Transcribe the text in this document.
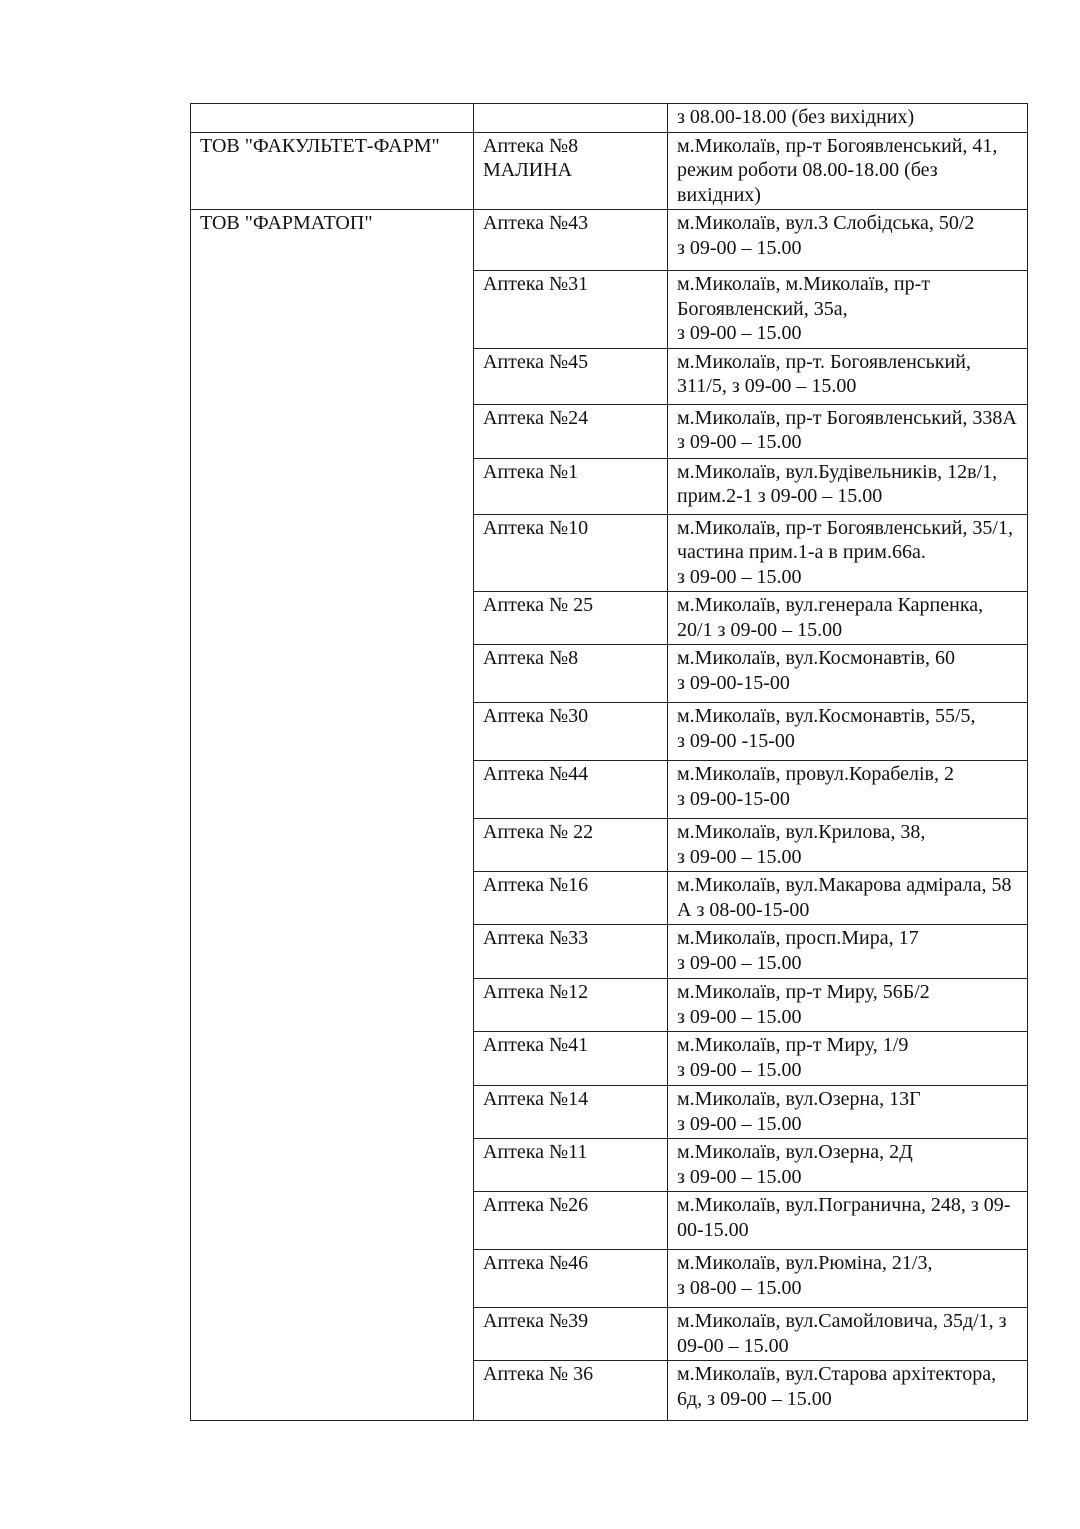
		з 08.00-18.00 (без вихідних)
ТОВ "ФАКУЛЬТЕТ-ФАРМ"	Аптека №8 МАЛИНА	м.Миколаїв, пр-т Богоявленський, 41, режим роботи 08.00-18.00 (без вихідних)
ТОВ "ФАРМАТОП"	Аптека №43	м.Миколаїв, вул.3 Слобідська, 50/2
з 09-00 – 15.00
	Аптека №31	м.Миколаїв, м.Миколаїв, пр-т Богоявленский, 35а,
з 09-00 – 15.00
	Аптека №45	м.Миколаїв, пр-т. Богоявленський, 311/5, з 09-00 – 15.00
	Аптека №24	м.Миколаїв, пр-т Богоявленський, 338А з 09-00 – 15.00
	Аптека №1	м.Миколаїв, вул.Будівельників, 12в/1, прим.2-1 з 09-00 – 15.00
	Аптека №10	м.Миколаїв, пр-т Богоявленський, 35/1, частина прим.1-а в прим.66а.
з 09-00 – 15.00
	Аптека № 25	м.Миколаїв, вул.генерала Карпенка, 20/1 з 09-00 – 15.00
	Аптека №8	м.Миколаїв, вул.Космонавтів, 60
з 09-00-15-00
	Аптека №30	м.Миколаїв, вул.Космонавтів, 55/5,
з 09-00 -15-00
	Аптека №44	м.Миколаїв, провул.Корабелів, 2
з 09-00-15-00
	Аптека № 22	м.Миколаїв, вул.Крилова, 38,
з 09-00 – 15.00
	Аптека №16	м.Миколаїв, вул.Макарова адмірала, 58 А з 08-00-15-00
	Аптека №33	м.Миколаїв, просп.Мира, 17
з 09-00 – 15.00
	Аптека №12	м.Миколаїв, пр-т Миру, 56Б/2
з 09-00 – 15.00
	Аптека №41	м.Миколаїв, пр-т Миру, 1/9
з 09-00 – 15.00
	Аптека №14	м.Миколаїв, вул.Озерна, 13Г
з 09-00 – 15.00
	Аптека №11	м.Миколаїв, вул.Озерна, 2Д
з 09-00 – 15.00
	Аптека №26	м.Миколаїв, вул.Пограничнa, 248, з 09-00-15.00
	Аптека №46	м.Миколаїв, вул.Рюміна, 21/3,
з 08-00 – 15.00
	Аптека №39	м.Миколаїв, вул.Самойловича, 35д/1, з 09-00 – 15.00
	Аптека № 36	м.Миколаїв, вул.Старова архітектора, 6д, з 09-00 – 15.00
